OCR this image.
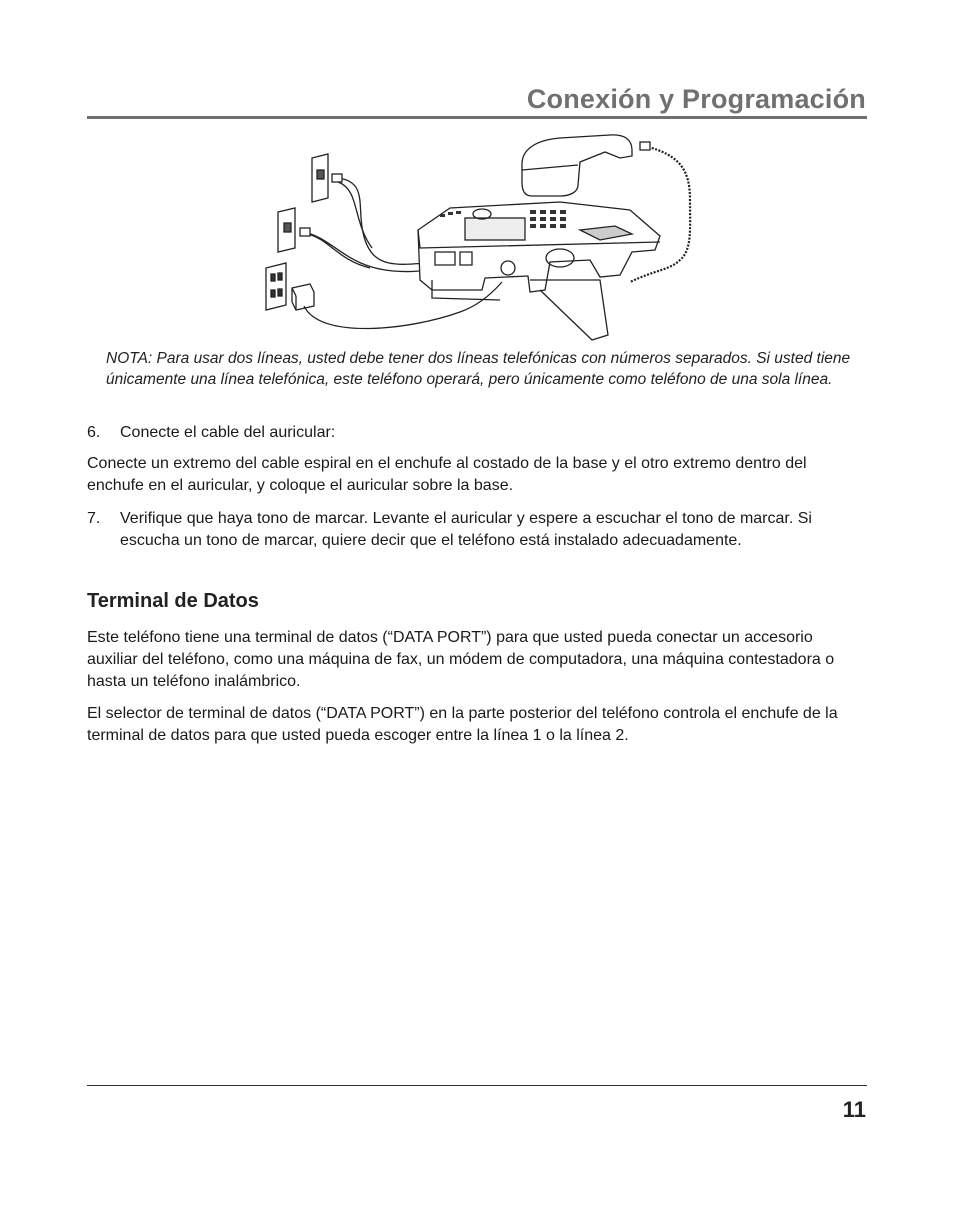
Conexión y Programación
NOTA: Para usar dos líneas, usted debe tener dos líneas telefónicas con números separados. Si usted tiene únicamente una línea telefónica, este teléfono operará, pero únicamente como teléfono de una sola línea.
6.	Conecte el cable del auricular:
Conecte un extremo del cable espiral en el enchufe al costado de la base y el otro extremo dentro del enchufe en el auricular, y coloque el auricular sobre la base.
7.	Verifique que haya tono de marcar. Levante el auricular y espere a escuchar el tono de marcar. Si escucha un tono de marcar, quiere decir que el teléfono está instalado adecuadamente.
Terminal de Datos
Este teléfono tiene una terminal de datos (“DATA PORT”) para que usted pueda conectar un accesorio auxiliar del teléfono, como una máquina de fax, un módem de computadora, una máquina contestadora o hasta un teléfono inalámbrico.
El selector de terminal de datos (“DATA PORT”) en la parte posterior del teléfono controla el enchufe de la terminal de datos para que usted pueda escoger entre la línea 1 o la línea 2.
11
